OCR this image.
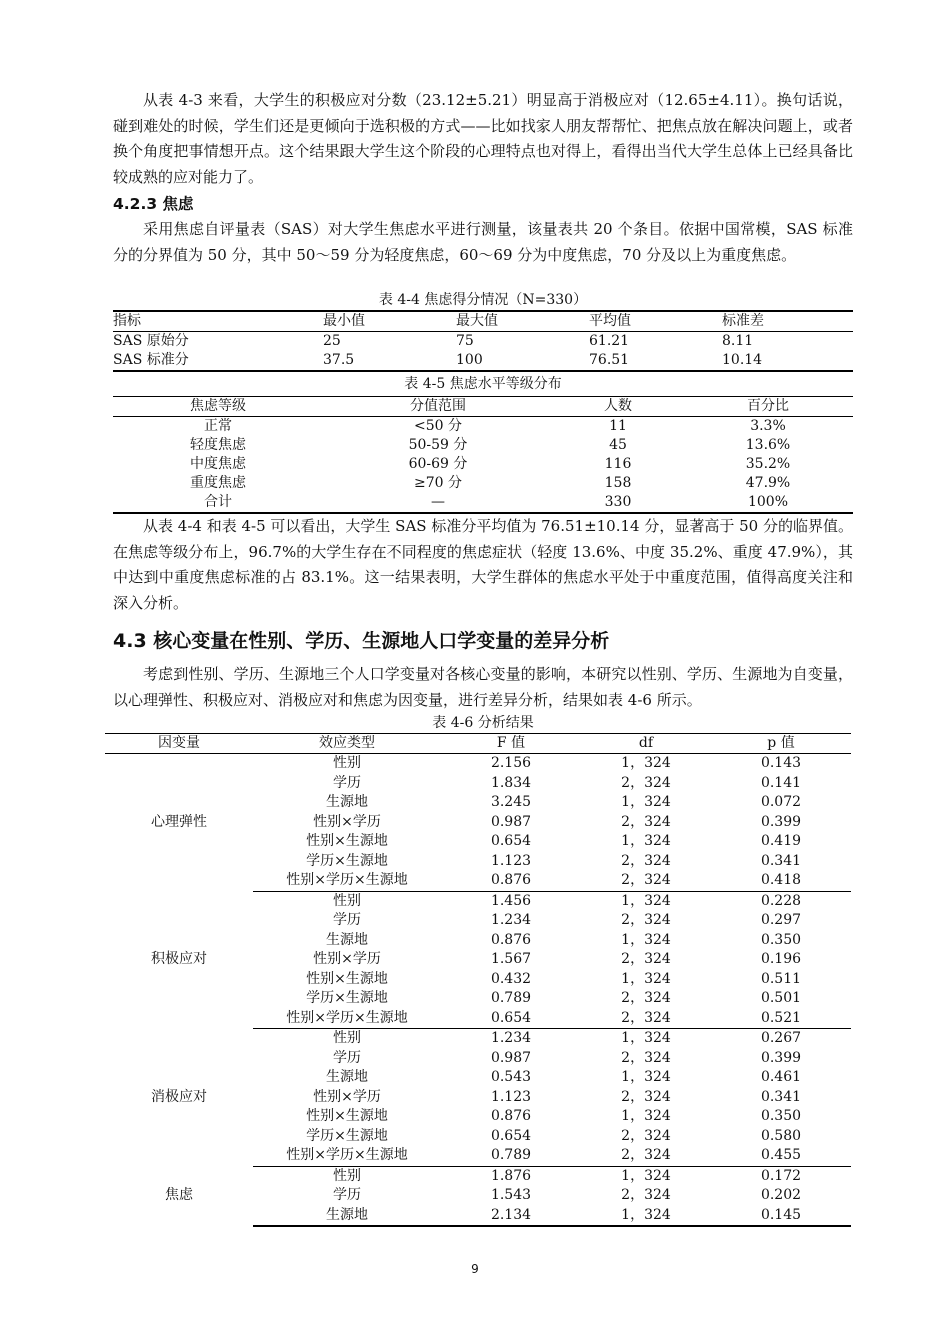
从表 4-3 来看，大学生的积极应对分数（23.12±5.21）明显高于消极应对（12.65±4.11）。换句话说，碰到难处的时候，学生们还是更倾向于选积极的方式——比如找家人朋友帮帮忙、把焦点放在解决问题上，或者换个角度把事情想开点。这个结果跟大学生这个阶段的心理特点也对得上，看得出当代大学生总体上已经具备比较成熟的应对能力了。

4.2.3 焦虑

采用焦虑自评量表（SAS）对大学生焦虑水平进行测量，该量表共 20 个条目。依据中国常模，SAS 标准分的分界值为 50 分，其中 50～59 分为轻度焦虑，60～69 分为中度焦虑，70 分及以上为重度焦虑。

表 4-4 焦虑得分情况（N=330）
指标	最小值	最大值	平均值	标准差
SAS 原始分	25	75	61.21	8.11
SAS 标准分	37.5	100	76.51	10.14
表 4-5 焦虑水平等级分布
焦虑等级	分值范围	人数	百分比
正常	<50 分	11	3.3%
轻度焦虑	50-59 分	45	13.6%
中度焦虑	60-69 分	116	35.2%
重度焦虑	≥70 分	158	47.9%
合计	—	330	100%

从表 4-4 和表 4-5 可以看出，大学生 SAS 标准分平均值为 76.51±10.14 分，显著高于 50 分的临界值。在焦虑等级分布上，96.7%的大学生存在不同程度的焦虑症状（轻度 13.6%、中度 35.2%、重度 47.9%），其中达到中重度焦虑标准的占 83.1%。这一结果表明，大学生群体的焦虑水平处于中重度范围，值得高度关注和深入分析。

4.3 核心变量在性别、学历、生源地人口学变量的差异分析

考虑到性别、学历、生源地三个人口学变量对各核心变量的影响，本研究以性别、学历、生源地为自变量，以心理弹性、积极应对、消极应对和焦虑为因变量，进行差异分析，结果如表 4-6 所示。

表 4-6 分析结果
因变量	效应类型	F 值	df	p 值
心理弹性	性别	2.156	1，324	0.143
	学历	1.834	2，324	0.141
	生源地	3.245	1，324	0.072
	性别×学历	0.987	2，324	0.399
	性别×生源地	0.654	1，324	0.419
	学历×生源地	1.123	2，324	0.341
	性别×学历×生源地	0.876	2，324	0.418
积极应对	性别	1.456	1，324	0.228
	学历	1.234	2，324	0.297
	生源地	0.876	1，324	0.350
	性别×学历	1.567	2，324	0.196
	性别×生源地	0.432	1，324	0.511
	学历×生源地	0.789	2，324	0.501
	性别×学历×生源地	0.654	2，324	0.521
消极应对	性别	1.234	1，324	0.267
	学历	0.987	2，324	0.399
	生源地	0.543	1，324	0.461
	性别×学历	1.123	2，324	0.341
	性别×生源地	0.876	1，324	0.350
	学历×生源地	0.654	2，324	0.580
	性别×学历×生源地	0.789	2，324	0.455
焦虑	性别	1.876	1，324	0.172
	学历	1.543	2，324	0.202
	生源地	2.134	1，324	0.145
9
